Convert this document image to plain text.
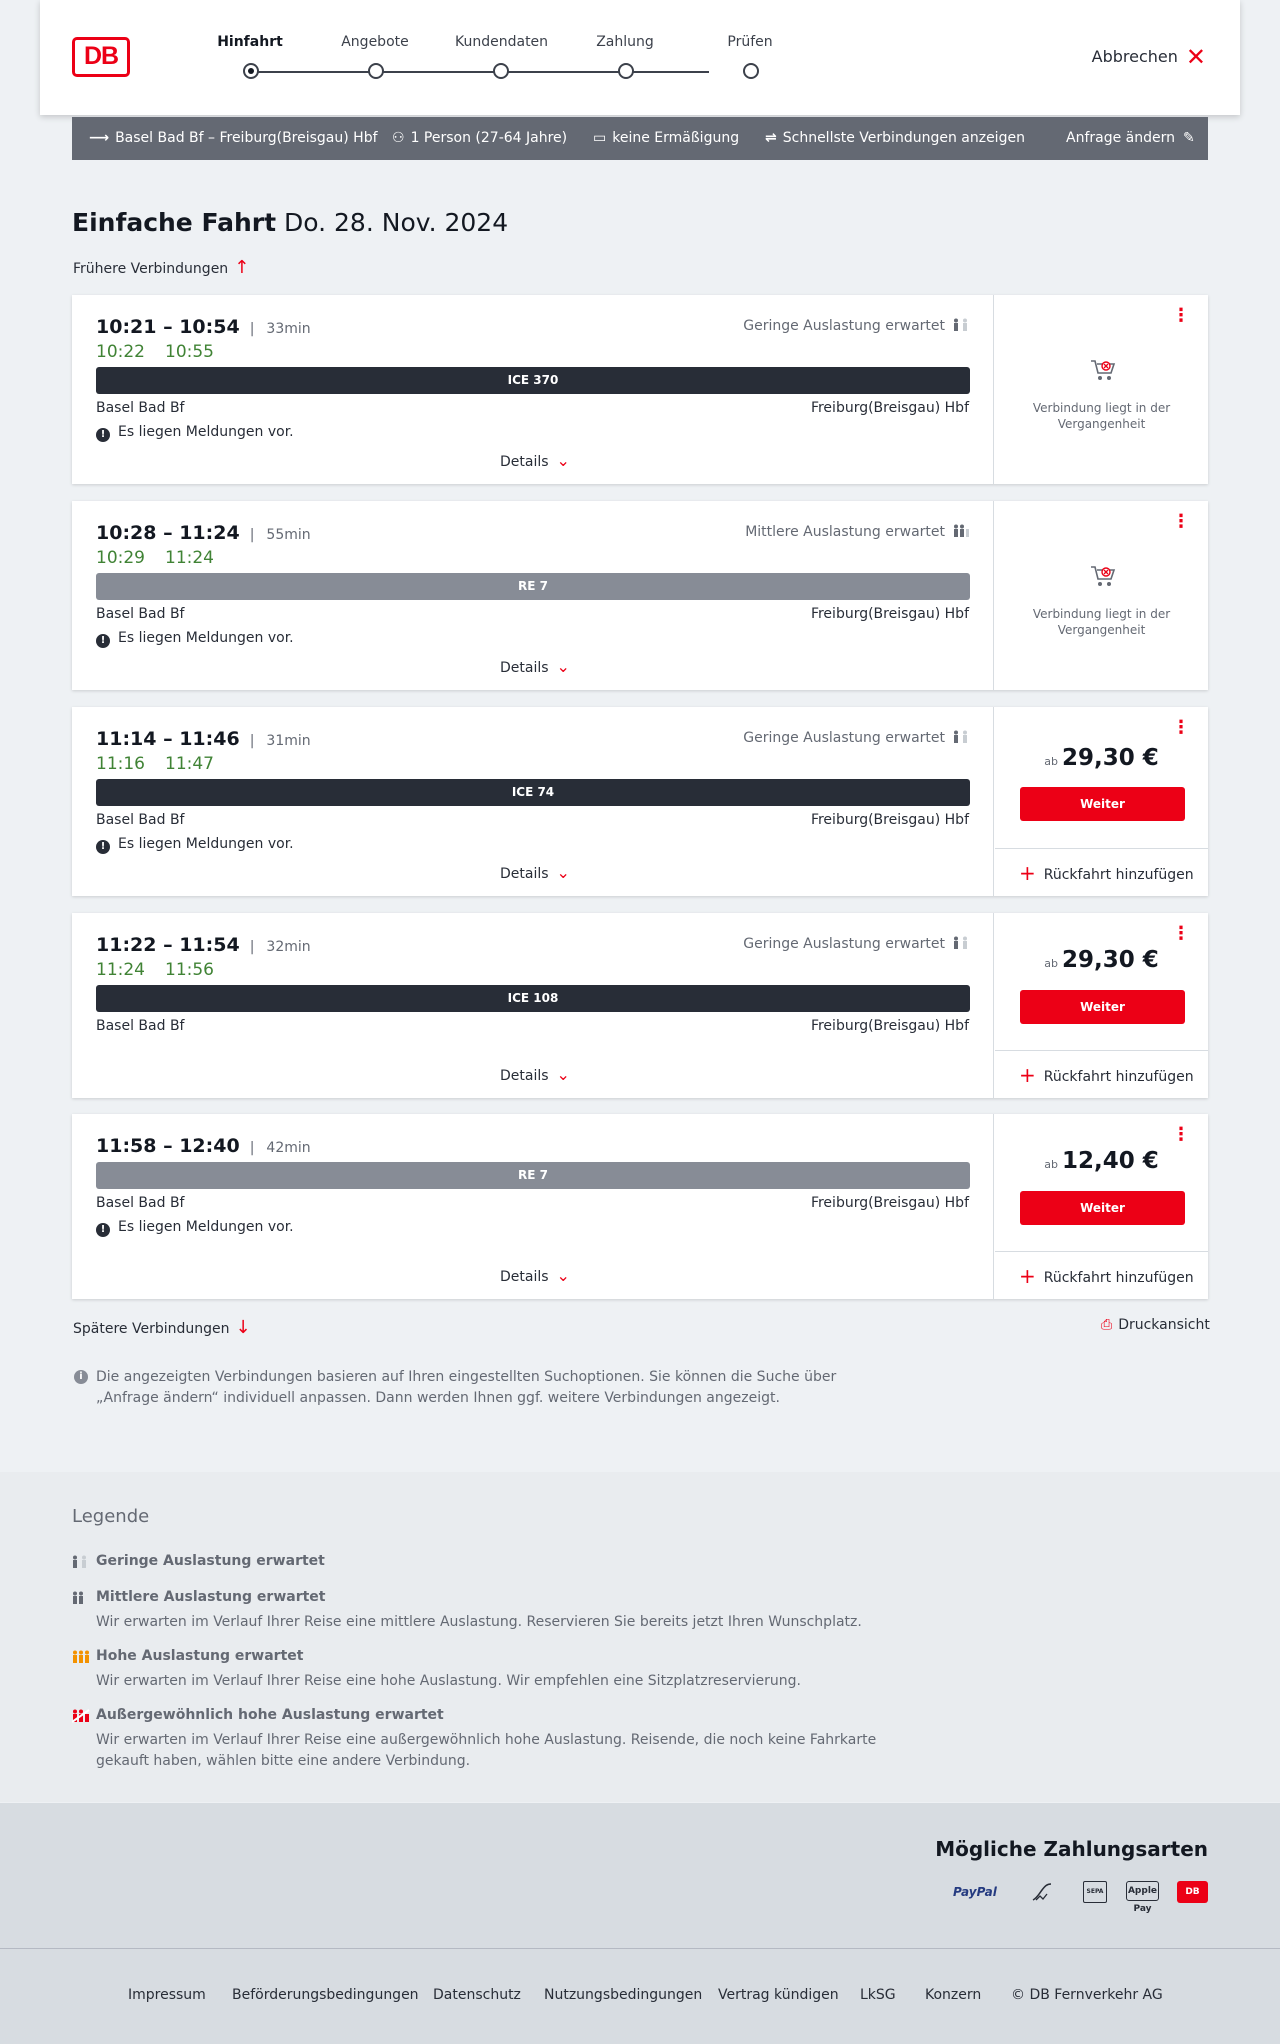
DB	Hinfahrt	Angebote	Kundendaten	Zahlung	Prüfen
Abbrechen ✕
⟶ Basel Bad Bf – Freiburg(Breisgau) Hbf ⚇ 1 Person (27-64 Jahre) ▭ keine Ermäßigung ⇌ Schnellste Verbindungen anzeigen	Anfrage ändern ✎
Einfache Fahrt Do. 28. Nov. 2024
Frühere Verbindungen ↑
10:21 – 10:54 | 33min
10:22 10:55
Geringe Auslastung erwartet
ICE 370
Basel Bad Bf	Freiburg(Breisgau) Hbf
! Es liegen Meldungen vor.
Details ⌄
⋮
Verbindung liegt in der Vergangenheit
10:28 – 11:24 | 55min
10:29 11:24
Mittlere Auslastung erwartet
RE 7
Basel Bad Bf	Freiburg(Breisgau) Hbf
! Es liegen Meldungen vor.
Details ⌄
⋮
Verbindung liegt in der Vergangenheit
11:14 – 11:46 | 31min
11:16 11:47
Geringe Auslastung erwartet
ICE 74
Basel Bad Bf	Freiburg(Breisgau) Hbf
! Es liegen Meldungen vor.
Details ⌄
⋮
ab 29,30 €
Weiter
+ Rückfahrt hinzufügen
11:22 – 11:54 | 32min
11:24 11:56
Geringe Auslastung erwartet
ICE 108
Basel Bad Bf	Freiburg(Breisgau) Hbf
Details ⌄
⋮
ab 29,30 €
Weiter
+ Rückfahrt hinzufügen
11:58 – 12:40 | 42min
RE 7
Basel Bad Bf	Freiburg(Breisgau) Hbf
! Es liegen Meldungen vor.
Details ⌄
⋮
ab 12,40 €
Weiter
+ Rückfahrt hinzufügen
Spätere Verbindungen ↓	⎙ Druckansicht
i Die angezeigten Verbindungen basieren auf Ihren eingestellten Suchoptionen. Sie können die Suche über „Anfrage ändern“ individuell anpassen. Dann werden Ihnen ggf. weitere Verbindungen angezeigt.
Legende
Geringe Auslastung erwartet
Mittlere Auslastung erwartet
Wir erwarten im Verlauf Ihrer Reise eine mittlere Auslastung. Reservieren Sie bereits jetzt Ihren Wunschplatz.
Hohe Auslastung erwartet
Wir erwarten im Verlauf Ihrer Reise eine hohe Auslastung. Wir empfehlen eine Sitzplatzreservierung.
Außergewöhnlich hohe Auslastung erwartet
Wir erwarten im Verlauf Ihrer Reise eine außergewöhnlich hohe Auslastung. Reisende, die noch keine Fahrkarte gekauft haben, wählen bitte eine andere Verbindung.
Mögliche Zahlungsarten
PayPal	SEPA	Apple Pay
DB
Impressum Beförderungsbedingungen Datenschutz Nutzungsbedingungen Vertrag kündigen LkSG Konzern © DB Fernverkehr AG
